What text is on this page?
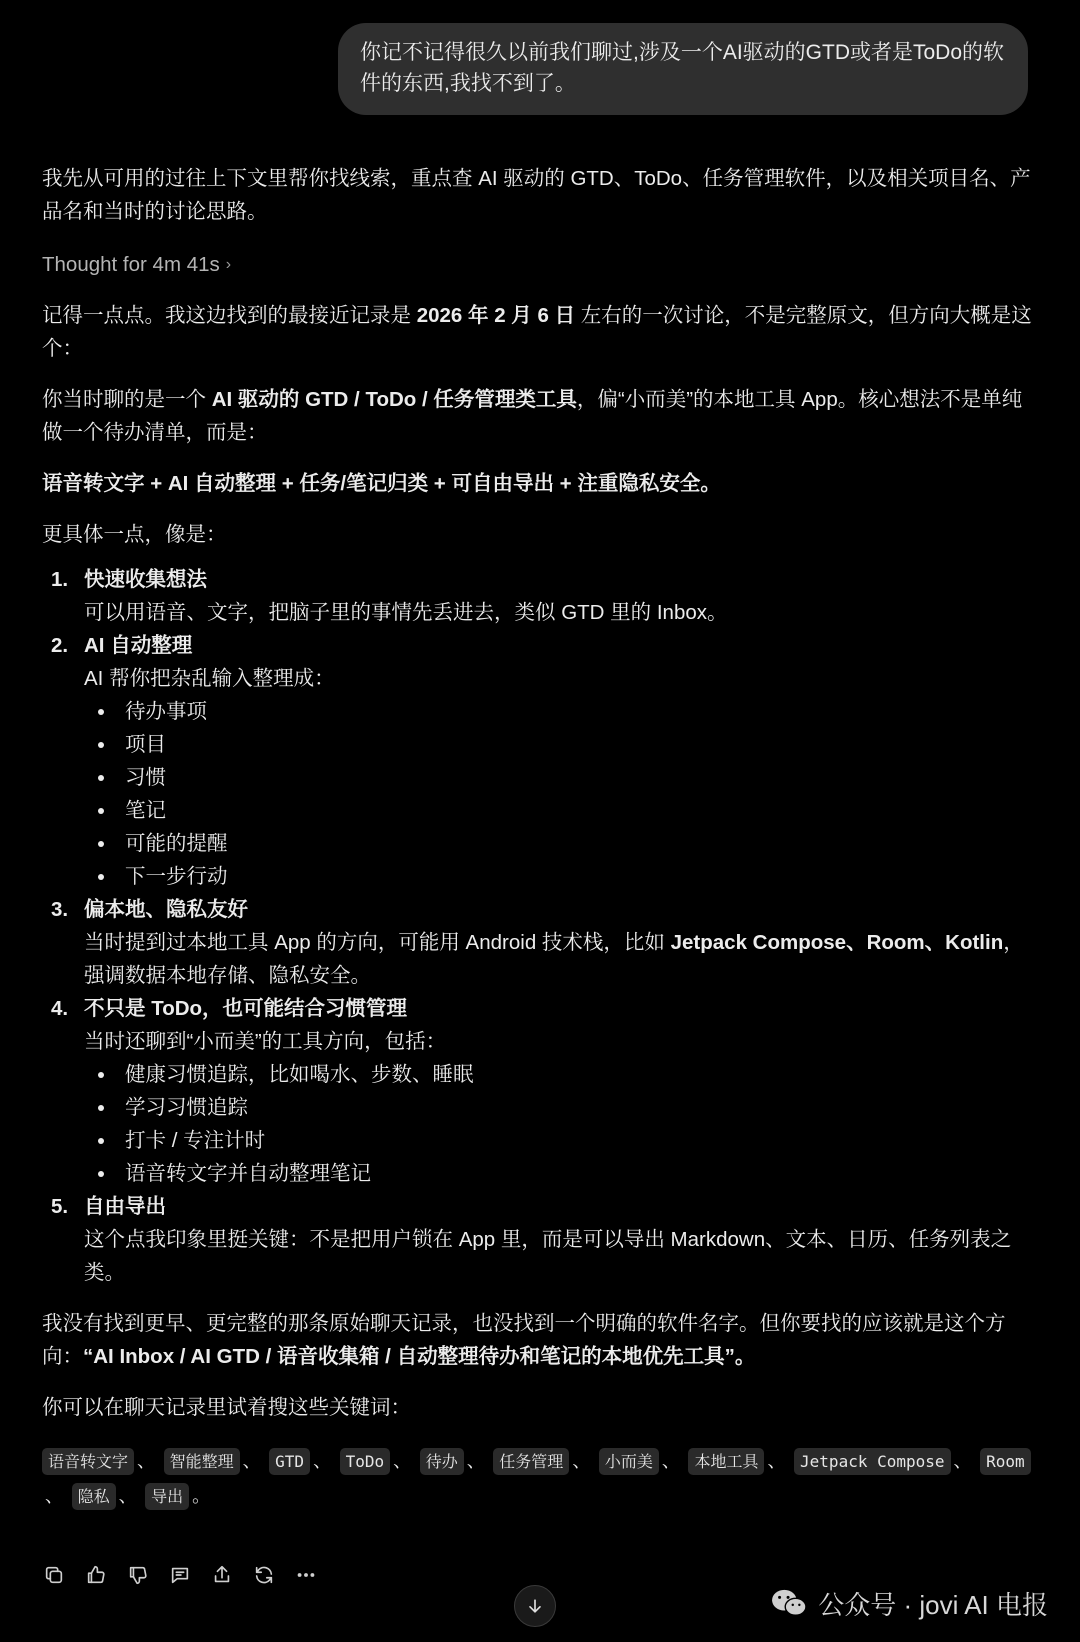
你记不记得很久以前我们聊过,涉及一个AI驱动的GTD或者是ToDo的软件的东西,我找不到了。

我先从可用的过往上下文里帮你找线索，重点查 AI 驱动的 GTD、ToDo、任务管理软件，以及相关项目名、产品名和当时的讨论思路。

Thought for 4m 41s ›

记得一点点。我这边找到的最接近记录是 2026 年 2 月 6 日 左右的一次讨论，不是完整原文，但方向大概是这个：

你当时聊的是一个 AI 驱动的 GTD / ToDo / 任务管理类工具，偏“小而美”的本地工具 App。核心想法不是单纯做一个待办清单，而是：

语音转文字 + AI 自动整理 + 任务/笔记归类 + 可自由导出 + 注重隐私安全。

更具体一点，像是：

1. 快速收集想法
可以用语音、文字，把脑子里的事情先丢进去，类似 GTD 里的 Inbox。
2. AI 自动整理
AI 帮你把杂乱输入整理成：
待办事项
项目
习惯
笔记
可能的提醒
下一步行动
3. 偏本地、隐私友好
当时提到过本地工具 App 的方向，可能用 Android 技术栈，比如 Jetpack Compose、Room、Kotlin，强调数据本地存储、隐私安全。
4. 不只是 ToDo，也可能结合习惯管理
当时还聊到“小而美”的工具方向，包括：
健康习惯追踪，比如喝水、步数、睡眠
学习习惯追踪
打卡 / 专注计时
语音转文字并自动整理笔记
5. 自由导出
这个点我印象里挺关键：不是把用户锁在 App 里，而是可以导出 Markdown、文本、日历、任务列表之类。

我没有找到更早、更完整的那条原始聊天记录，也没找到一个明确的软件名字。但你要找的应该就是这个方向：“AI Inbox / AI GTD / 语音收集箱 / 自动整理待办和笔记的本地优先工具”。

你可以在聊天记录里试着搜这些关键词：

语音转文字 、 智能整理 、 GTD 、 ToDo 、 待办 、 任务管理 、 小而美 、 本地工具 、 Jetpack Compose 、 Room、 隐私 、 导出 。
公众号 · jovi AI 电报
